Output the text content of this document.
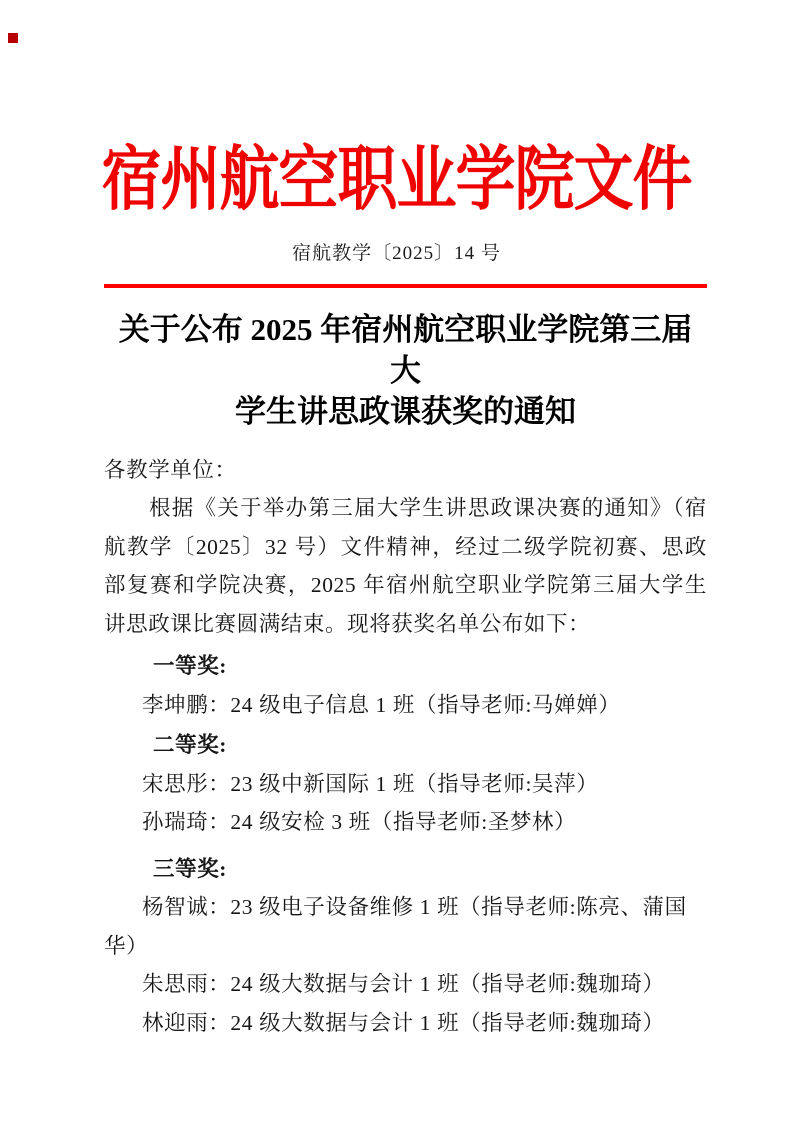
宿州航空职业学院文件
宿航教学〔2025〕14 号
关于公布 2025 年宿州航空职业学院第三届大
学生讲思政课获奖的通知

各教学单位：

根据《关于举办第三届大学生讲思政课决赛的通知》（宿航教学〔2025〕32 号）文件精神，经过二级学院初赛、思政部复赛和学院决赛，2025 年宿州航空职业学院第三届大学生讲思政课比赛圆满结束。现将获奖名单公布如下：

一等奖:

李坤鹏：24 级电子信息 1 班（指导老师:马婵婵）

二等奖:

宋思彤：23 级中新国际 1 班（指导老师:吴萍）

孙瑞琦：24 级安检 3 班（指导老师:圣梦林）

三等奖:

杨智诚：23 级电子设备维修 1 班（指导老师:陈亮、蒲国华）

朱思雨：24 级大数据与会计 1 班（指导老师:魏珈琦）

林迎雨：24 级大数据与会计 1 班（指导老师:魏珈琦）
